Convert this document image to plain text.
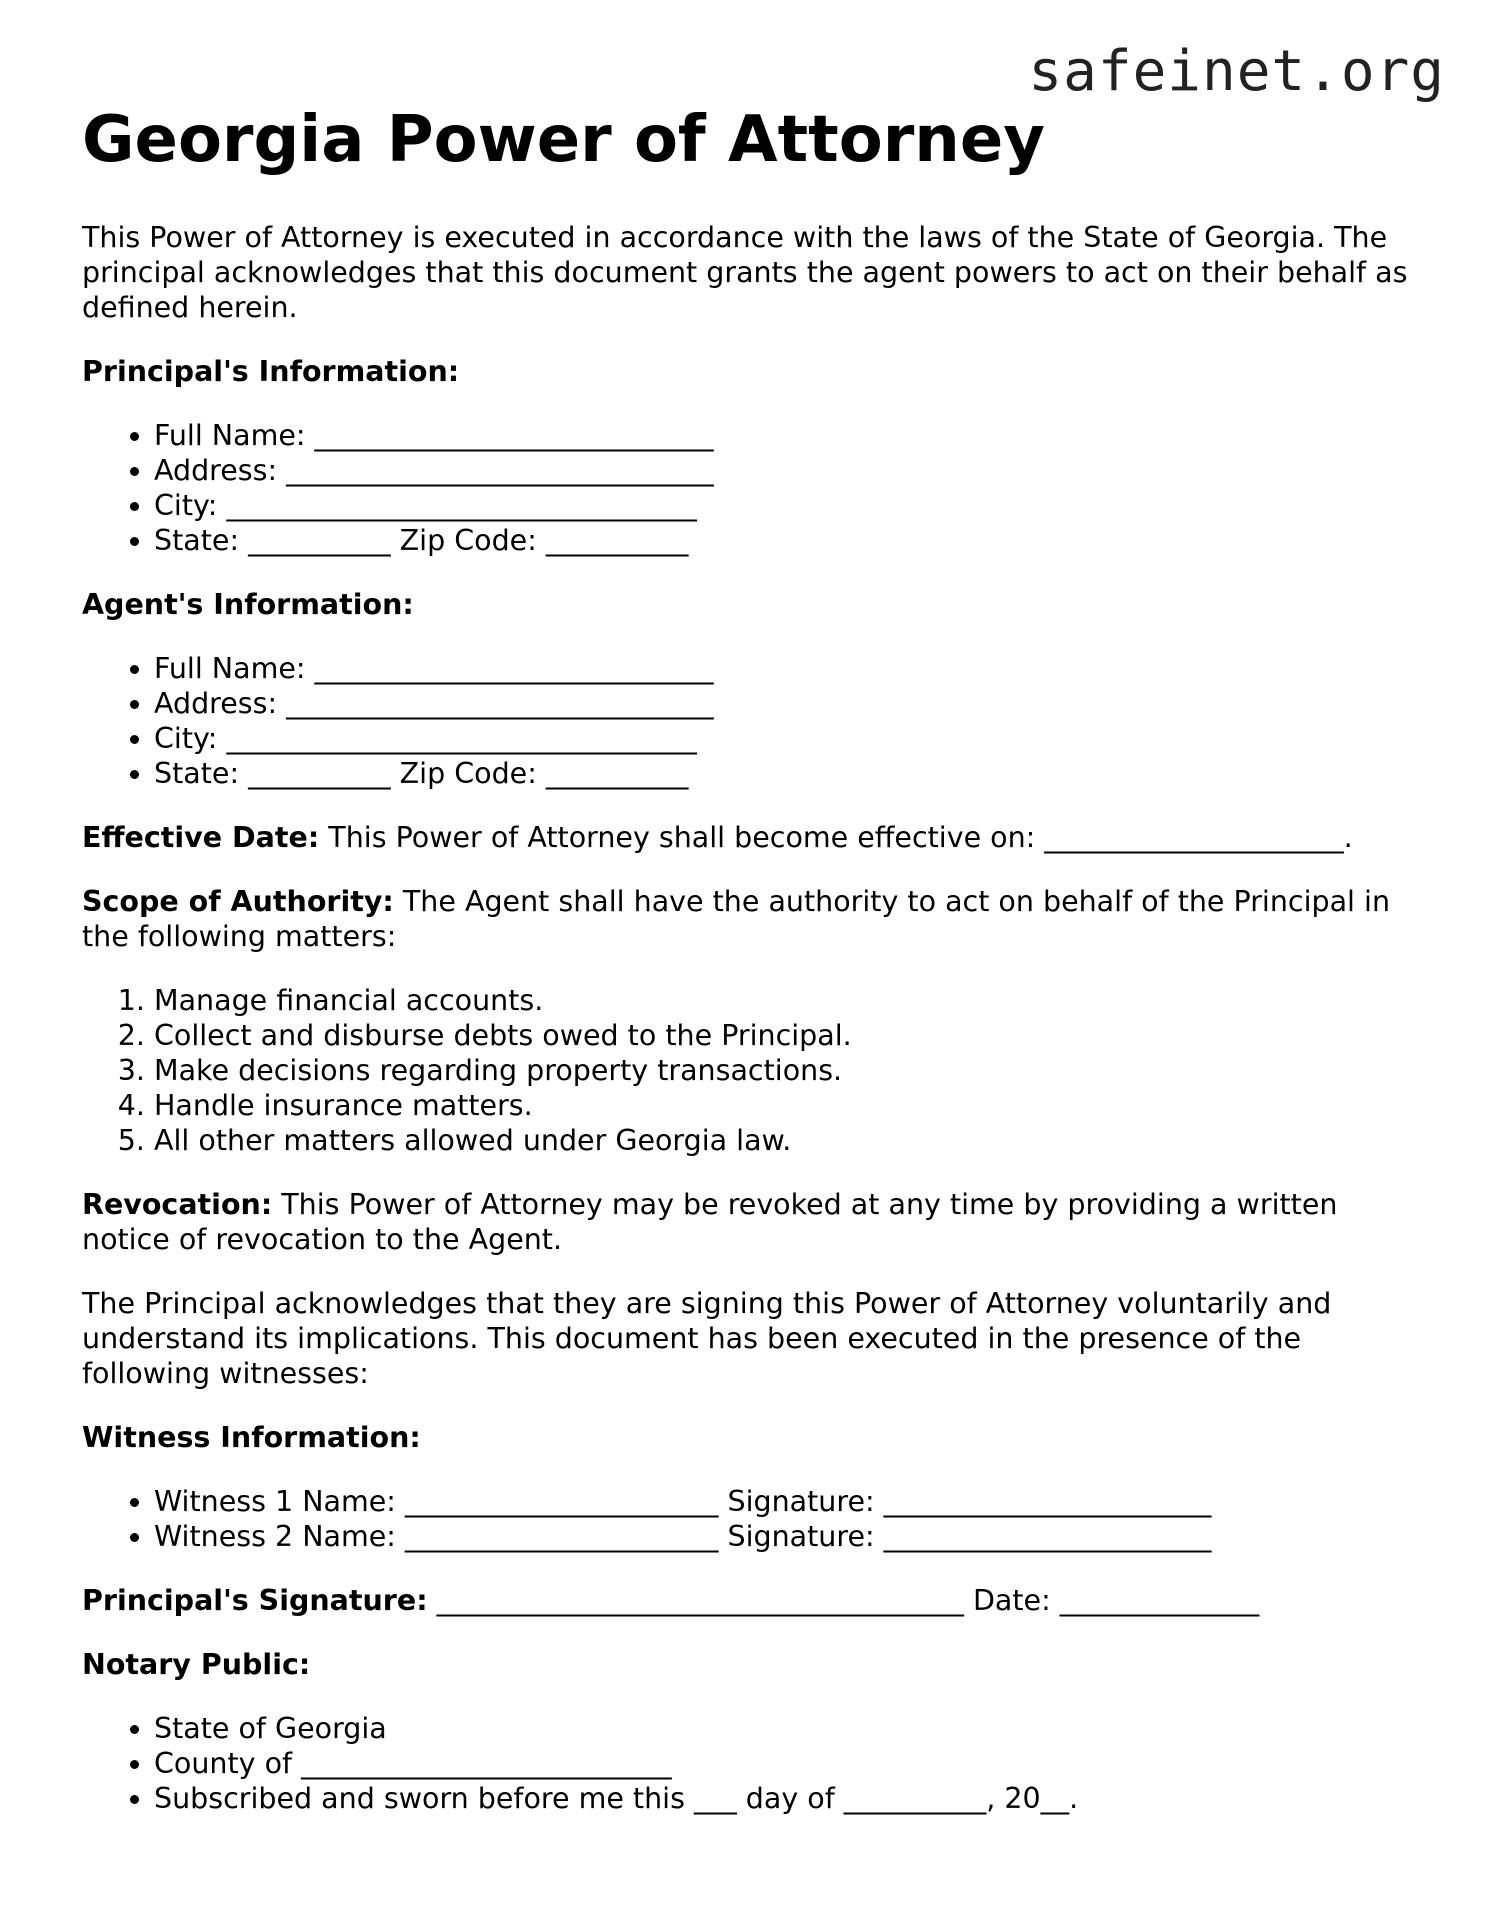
safeinet.org
Georgia Power of Attorney

This Power of Attorney is executed in accordance with the laws of the State of Georgia. The principal acknowledges that this document grants the agent powers to act on their behalf as defined herein.

Principal's Information:

• Full Name: ____________________________
• Address: ______________________________
• City: _________________________________
• State: __________ Zip Code: __________

Agent's Information:

• Full Name: ____________________________
• Address: ______________________________
• City: _________________________________
• State: __________ Zip Code: __________

Effective Date: This Power of Attorney shall become effective on: _____________________.

Scope of Authority: The Agent shall have the authority to act on behalf of the Principal in the following matters:

1. Manage financial accounts.
2. Collect and disburse debts owed to the Principal.
3. Make decisions regarding property transactions.
4. Handle insurance matters.
5. All other matters allowed under Georgia law.

Revocation: This Power of Attorney may be revoked at any time by providing a written notice of revocation to the Agent.

The Principal acknowledges that they are signing this Power of Attorney voluntarily and understand its implications. This document has been executed in the presence of the following witnesses:

Witness Information:

• Witness 1 Name: ______________________ Signature: _______________________
• Witness 2 Name: ______________________ Signature: _______________________

Principal's Signature: _____________________________________ Date: ______________

Notary Public:

• State of Georgia
• County of __________________________
• Subscribed and sworn before me this ___ day of __________, 20__.
